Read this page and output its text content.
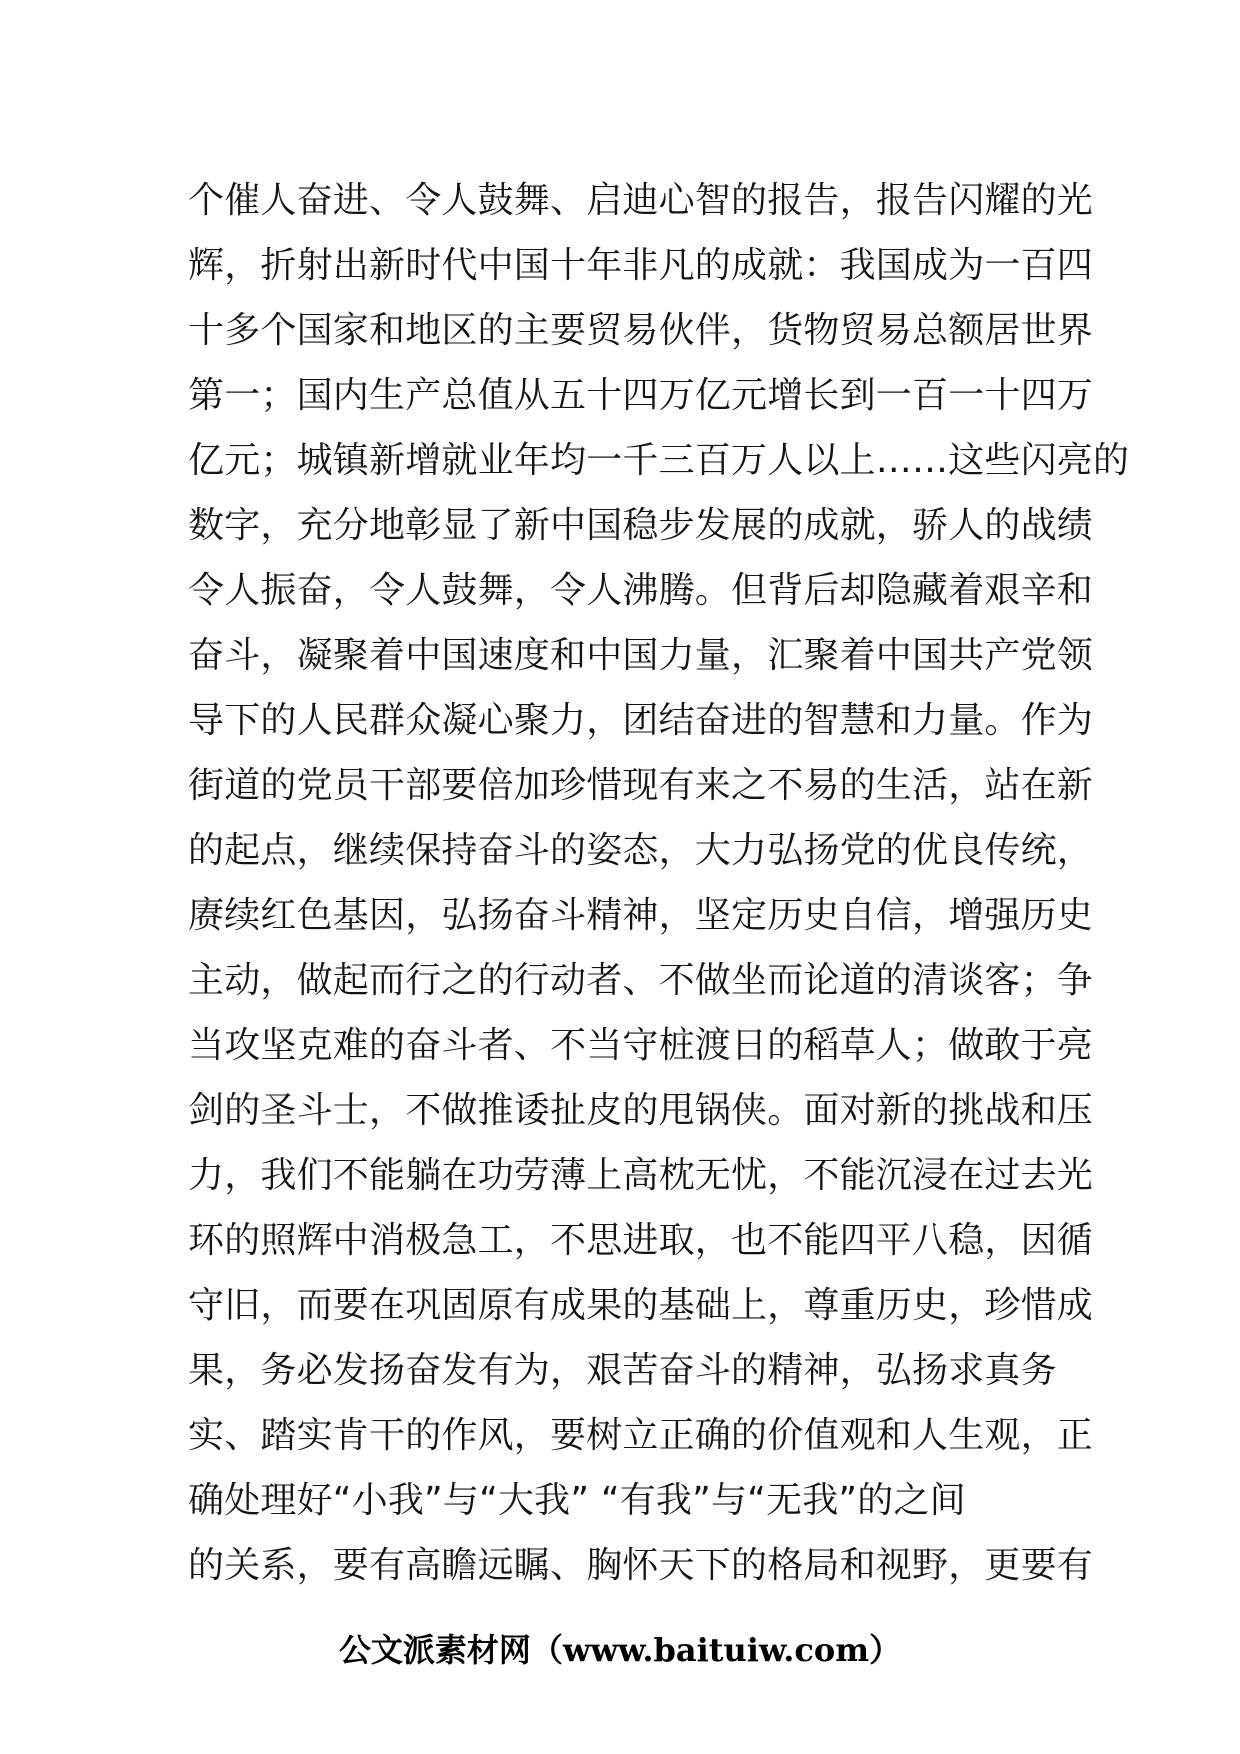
个催人奋进、令人鼓舞、启迪心智的报告，报告闪耀的光
辉，折射出新时代中国十年非凡的成就：我国成为一百四
十多个国家和地区的主要贸易伙伴，货物贸易总额居世界
第一；国内生产总值从五十四万亿元增长到一百一十四万
亿元；城镇新增就业年均一千三百万人以上……这些闪亮的
数字，充分地彰显了新中国稳步发展的成就，骄人的战绩
令人振奋，令人鼓舞，令人沸腾。但背后却隐藏着艰辛和
奋斗，凝聚着中国速度和中国力量，汇聚着中国共产党领
导下的人民群众凝心聚力，团结奋进的智慧和力量。作为
街道的党员干部要倍加珍惜现有来之不易的生活，站在新
的起点，继续保持奋斗的姿态，大力弘扬党的优良传统，
赓续红色基因，弘扬奋斗精神，坚定历史自信，增强历史
主动，做起而行之的行动者、不做坐而论道的清谈客；争
当攻坚克难的奋斗者、不当守桩渡日的稻草人；做敢于亮
剑的圣斗士，不做推诿扯皮的甩锅侠。面对新的挑战和压
力，我们不能躺在功劳薄上高枕无忧，不能沉浸在过去光
环的照辉中消极急工，不思进取，也不能四平八稳，因循
守旧，而要在巩固原有成果的基础上，尊重历史，珍惜成
果，务必发扬奋发有为，艰苦奋斗的精神，弘扬求真务
实、踏实肯干的作风，要树立正确的价值观和人生观，正
确处理好“小我”与“大我” “有我”与“无我”的之间
的关系，要有高瞻远瞩、胸怀天下的格局和视野，更要有
公文派素材网（www.baituiw.com）
